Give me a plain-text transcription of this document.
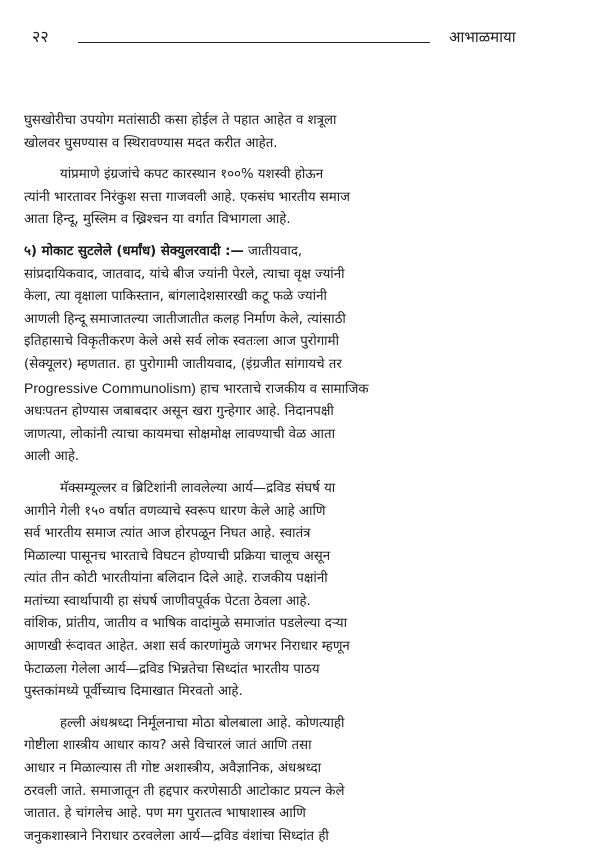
२२	आभाळमाया

घुसखोरीचा उपयोग मतांसाठी कसा होईल ते पहात आहेत व शत्रूला
खोलवर घुसण्यास व स्थिरावण्यास मदत करीत आहेत.

यांप्रमाणे इंग्रजांचे कपट कारस्थान १००% यशस्वी होऊन
त्यांनी भारतावर निरंकुश सत्ता गाजवली आहे. एकसंघ भारतीय समाज
आता हिन्दू, मुस्लिम व ख्रिश्चन या वर्गात विभागला आहे.

५) मोकाट सुटलेले (धर्मांध) सेक्युलरवादी :— जातीयवाद,
सांप्रदायिकवाद, जातवाद, यांचे बीज ज्यांनी पेरले, त्याचा वृक्ष ज्यांनी
केला, त्या वृक्षाला पाकिस्तान, बांगलादेशसारखी कटू फळे ज्यांनी
आणली हिन्दू समाजातल्या जातीजातीत कलह निर्माण केले, त्यांसाठी
इतिहासाचे विकृतीकरण केले असे सर्व लोक स्वतःला आज पुरोगामी
(सेक्यूलर) म्हणतात. हा पुरोगामी जातीयवाद, (इंग्रजीत सांगायचे तर
Progressive Communolism) हाच भारताचे राजकीय व सामाजिक
अधःपतन होण्यास जबाबदार असून खरा गुन्हेगार आहे. निदानपक्षी
जाणत्या, लोकांनी त्याचा कायमचा सोक्षमोक्ष लावण्याची वेळ आता
आली आहे.

मॅक्सम्यूल्लर व ब्रिटिशांनी लावलेल्या आर्य—द्रविड संघर्ष या
आगीने गेली १५० वर्षात वणव्याचे स्वरूप धारण केले आहे आणि
सर्व भारतीय समाज त्यांत आज होरपळून निघत आहे. स्वातंत्र
मिळाल्या पासूनच भारताचे विघटन होण्याची प्रक्रिया चालूच असून
त्यांत तीन कोटी भारतीयांना बलिदान दिले आहे. राजकीय पक्षांनी
मतांच्या स्वार्थापायी हा संघर्ष जाणीवपूर्वक पेटता ठेवला आहे.
वांशिक, प्रांतीय, जातीय व भाषिक वादांमुळे समाजांत पडलेल्या दऱ्या
आणखी रूंदावत आहेत. अशा सर्व कारणांमुळे जगभर निराधार म्हणून
फेटाळला गेलेला आर्य—द्रविड भिन्नतेचा सिध्दांत भारतीय पाठय
पुस्तकांमध्ये पूर्वीच्याच दिमाखात मिरवतो आहे.

हल्ली अंधश्रध्दा निर्मूलनाचा मोठा बोलबाला आहे. कोणत्याही
गोष्टीला शास्त्रीय आधार काय? असे विचारलं जातं आणि तसा
आधार न मिळाल्यास ती गोष्ट अशास्त्रीय, अवैज्ञानिक, अंधश्रध्दा
ठरवली जाते. समाजातून ती हद्दपार करणेसाठी आटोकाट प्रयत्न केले
जातात. हे चांगलेच आहे. पण मग पुरातत्व भाषाशास्त्र आणि
जनुकशास्त्राने निराधार ठरवलेला आर्य—द्रविड वंशांचा सिध्दांत ही
